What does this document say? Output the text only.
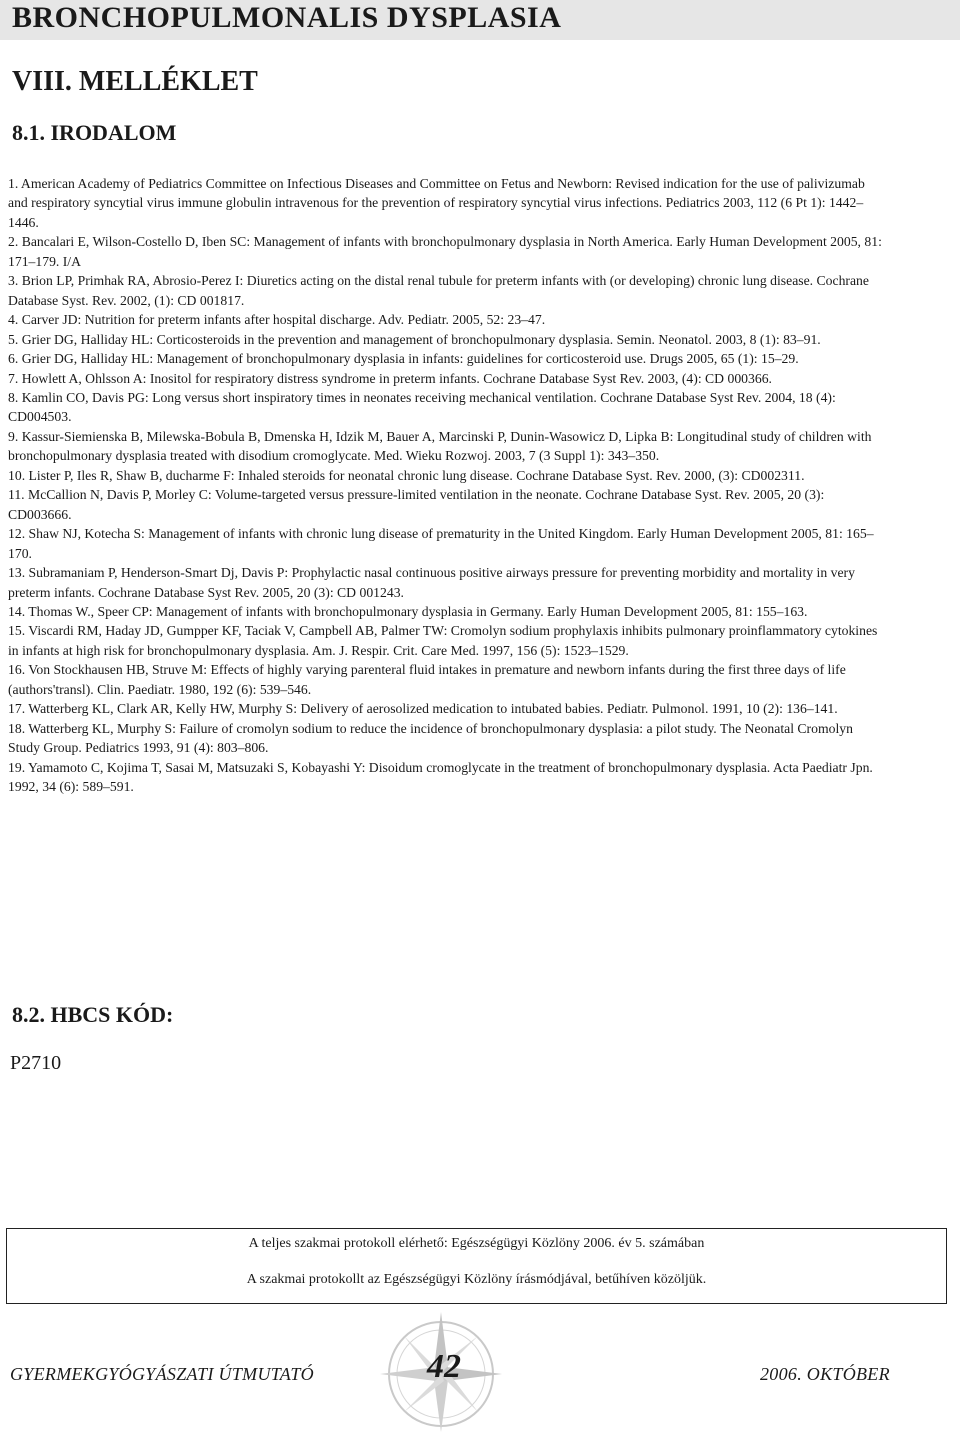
BRONCHOPULMONALIS DYSPLASIA
VIII. MELLÉKLET
8.1. IRODALOM

1. American Academy of Pediatrics Committee on Infectious Diseases and Committee on Fetus and Newborn: Revised indication for the use of palivizumab and respiratory syncytial virus immune globulin intravenous for the prevention of respiratory syncytial virus infections. Pediatrics 2003, 112 (6 Pt 1): 1442–1446.

2. Bancalari E, Wilson-Costello D, Iben SC: Management of infants with bronchopulmonary dysplasia in North America. Early Human Development 2005, 81: 171–179. I/A

3. Brion LP, Primhak RA, Abrosio-Perez I: Diuretics acting on the distal renal tubule for preterm infants with (or developing) chronic lung disease. Cochrane Database Syst. Rev. 2002, (1): CD 001817.

4. Carver JD: Nutrition for preterm infants after hospital discharge. Adv. Pediatr. 2005, 52: 23–47.

5. Grier DG, Halliday HL: Corticosteroids in the prevention and management of bronchopulmonary dysplasia. Semin. Neonatol. 2003, 8 (1): 83–91.

6. Grier DG, Halliday HL: Management of bronchopulmonary dysplasia in infants: guidelines for corticosteroid use. Drugs 2005, 65 (1): 15–29.

7. Howlett A, Ohlsson A: Inositol for respiratory distress syndrome in preterm infants. Cochrane Database Syst Rev. 2003, (4): CD 000366.

8. Kamlin CO, Davis PG: Long versus short inspiratory times in neonates receiving mechanical ventilation. Cochrane Database Syst Rev. 2004, 18 (4): CD004503.

9. Kassur-Siemienska B, Milewska-Bobula B, Dmenska H, Idzik M, Bauer A, Marcinski P, Dunin-Wasowicz D, Lipka B: Longitudinal study of children with bronchopulmonary dysplasia treated with disodium cromoglycate. Med. Wieku Rozwoj. 2003, 7 (3 Suppl 1): 343–350.

10. Lister P, Iles R, Shaw B, ducharme F: Inhaled steroids for neonatal chronic lung disease. Cochrane Database Syst. Rev. 2000, (3): CD002311.

11. McCallion N, Davis P, Morley C: Volume-targeted versus pressure-limited ventilation in the neonate. Cochrane Database Syst. Rev. 2005, 20 (3): CD003666.

12. Shaw NJ, Kotecha S: Management of infants with chronic lung disease of prematurity in the United Kingdom. Early Human Development 2005, 81: 165–170.

13. Subramaniam P, Henderson-Smart Dj, Davis P: Prophylactic nasal continuous positive airways pressure for preventing morbidity and mortality in very preterm infants. Cochrane Database Syst Rev. 2005, 20 (3): CD 001243.

14. Thomas W., Speer CP: Management of infants with bronchopulmonary dysplasia in Germany. Early Human Development 2005, 81: 155–163.

15. Viscardi RM, Haday JD, Gumpper KF, Taciak V, Campbell AB, Palmer TW: Cromolyn sodium prophylaxis inhibits pulmonary proinflammatory cytokines in infants at high risk for bronchopulmonary dysplasia. Am. J. Respir. Crit. Care Med. 1997, 156 (5): 1523–1529.

16. Von Stockhausen HB, Struve M: Effects of highly varying parenteral fluid intakes in premature and newborn infants during the first three days of life (authors'transl). Clin. Paediatr. 1980, 192 (6): 539–546.

17. Watterberg KL, Clark AR, Kelly HW, Murphy S: Delivery of aerosolized medication to intubated babies. Pediatr. Pulmonol. 1991, 10 (2): 136–141.

18. Watterberg KL, Murphy S: Failure of cromolyn sodium to reduce the incidence of bronchopulmonary dysplasia: a pilot study. The Neonatal Cromolyn Study Group. Pediatrics 1993, 91 (4): 803–806.

19. Yamamoto C, Kojima T, Sasai M, Matsuzaki S, Kobayashi Y: Disoidum cromoglycate in the treatment of bronchopulmonary dysplasia. Acta Paediatr Jpn. 1992, 34 (6): 589–591.

8.2. HBCS KÓD:
P2710
A teljes szakmai protokoll elérhető: Egészségügyi Közlöny 2006. év 5. számában
A szakmai protokollt az Egészségügyi Közlöny írásmódjával, betűhíven közöljük.
GYERMEKGYÓGYÁSZATI ÚTMUTATÓ	42	2006. OKTÓBER
